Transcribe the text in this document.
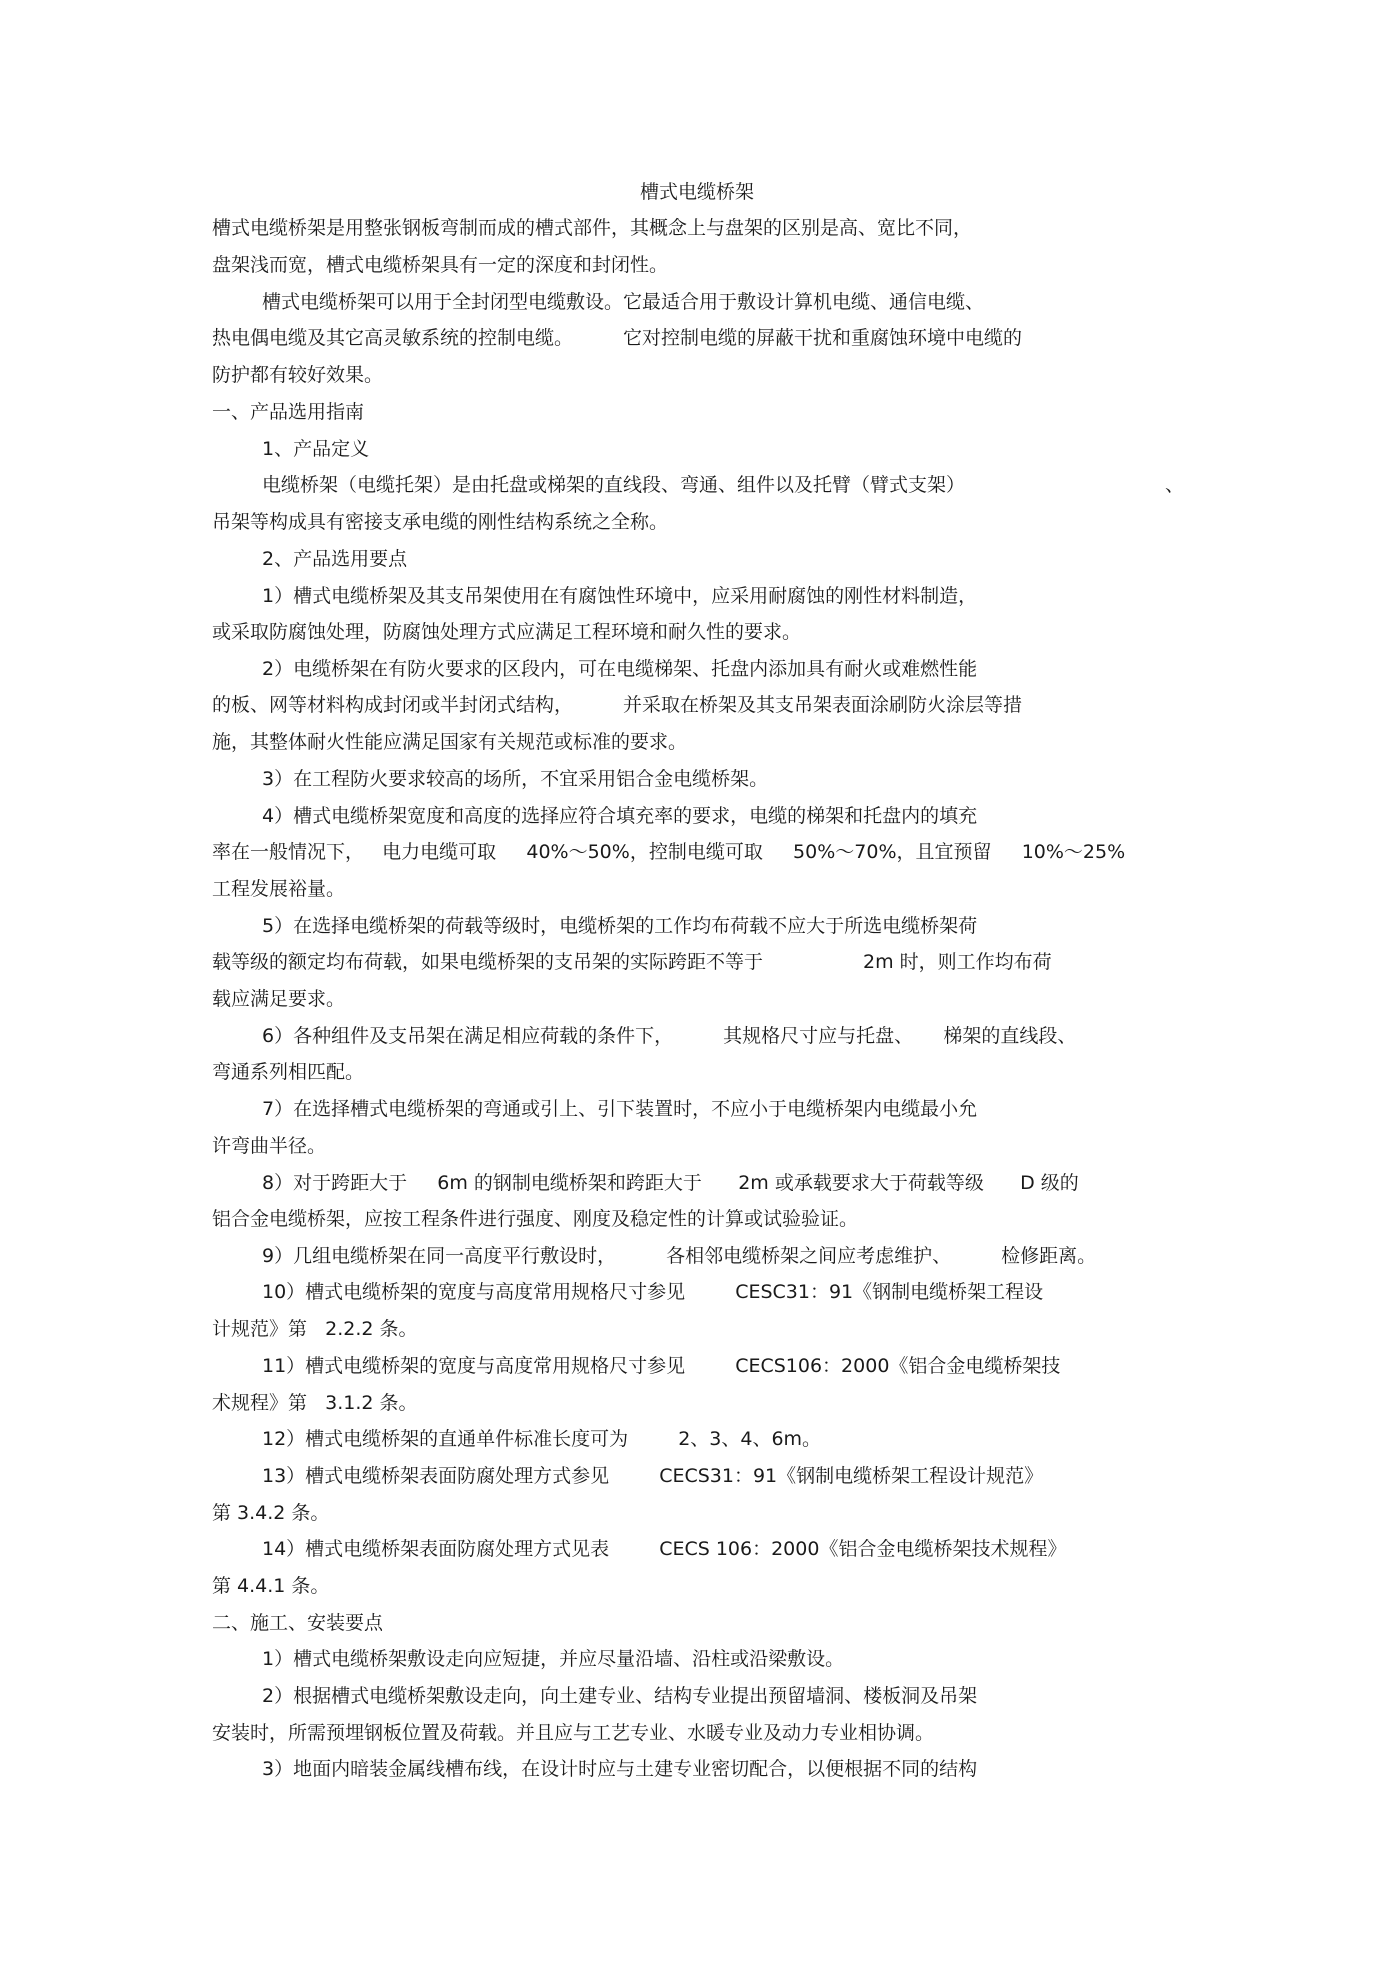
槽式电缆桥架
槽式电缆桥架是用整张钢板弯制而成的槽式部件，其概念上与盘架的区别是高、宽比不同，
盘架浅而宽，槽式电缆桥架具有一定的深度和封闭性。
槽式电缆桥架可以用于全封闭型电缆敷设。它最适合用于敷设计算机电缆、通信电缆、
热电偶电缆及其它高灵敏系统的控制电缆。	它对控制电缆的屏蔽干扰和重腐蚀环境中电缆的
防护都有较好效果。
一、产品选用指南
1、产品定义
电缆桥架（电缆托架）是由托盘或梯架的直线段、弯通、组件以及托臂（臂式支架）	、
吊架等构成具有密接支承电缆的刚性结构系统之全称。
2、产品选用要点
1）槽式电缆桥架及其支吊架使用在有腐蚀性环境中，应采用耐腐蚀的刚性材料制造，
或采取防腐蚀处理，防腐蚀处理方式应满足工程环境和耐久性的要求。
2）电缆桥架在有防火要求的区段内，可在电缆梯架、托盘内添加具有耐火或难燃性能
的板、网等材料构成封闭或半封闭式结构，	并采取在桥架及其支吊架表面涂刷防火涂层等措
施，其整体耐火性能应满足国家有关规范或标准的要求。
3）在工程防火要求较高的场所，不宜采用铝合金电缆桥架。
4）槽式电缆桥架宽度和高度的选择应符合填充率的要求，电缆的梯架和托盘内的填充
率在一般情况下， 电力电缆可取 40%～50%，控制电缆可取 50%～70%，且宜预留 10%～25%
工程发展裕量。
5）在选择电缆桥架的荷载等级时，电缆桥架的工作均布荷载不应大于所选电缆桥架荷
载等级的额定均布荷载，如果电缆桥架的支吊架的实际跨距不等于	2m 时，则工作均布荷
载应满足要求。
6）各种组件及支吊架在满足相应荷载的条件下，	其规格尺寸应与托盘、 梯架的直线段、
弯通系列相匹配。
7）在选择槽式电缆桥架的弯通或引上、引下装置时，不应小于电缆桥架内电缆最小允
许弯曲半径。
8）对于跨距大于 6m 的钢制电缆桥架和跨距大于 2m 或承载要求大于荷载等级 D 级的
铝合金电缆桥架，应按工程条件进行强度、刚度及稳定性的计算或试验验证。
9）几组电缆桥架在同一高度平行敷设时，	各相邻电缆桥架之间应考虑维护、	检修距离。
10）槽式电缆桥架的宽度与高度常用规格尺寸参见	CESC31：91《钢制电缆桥架工程设
计规范》第 2.2.2 条。
11）槽式电缆桥架的宽度与高度常用规格尺寸参见	CECS106：2000《铝合金电缆桥架技
术规程》第 3.1.2 条。
12）槽式电缆桥架的直通单件标准长度可为	2、3、4、6m。
13）槽式电缆桥架表面防腐处理方式参见	CECS31：91《钢制电缆桥架工程设计规范》
第 3.4.2 条。
14）槽式电缆桥架表面防腐处理方式见表	CECS 106：2000《铝合金电缆桥架技术规程》
第 4.4.1 条。
二、施工、安装要点
1）槽式电缆桥架敷设走向应短捷，并应尽量沿墙、沿柱或沿梁敷设。
2）根据槽式电缆桥架敷设走向，向土建专业、结构专业提出预留墙洞、楼板洞及吊架
安装时，所需预埋钢板位置及荷载。并且应与工艺专业、水暖专业及动力专业相协调。
3）地面内暗装金属线槽布线，在设计时应与土建专业密切配合，以便根据不同的结构
